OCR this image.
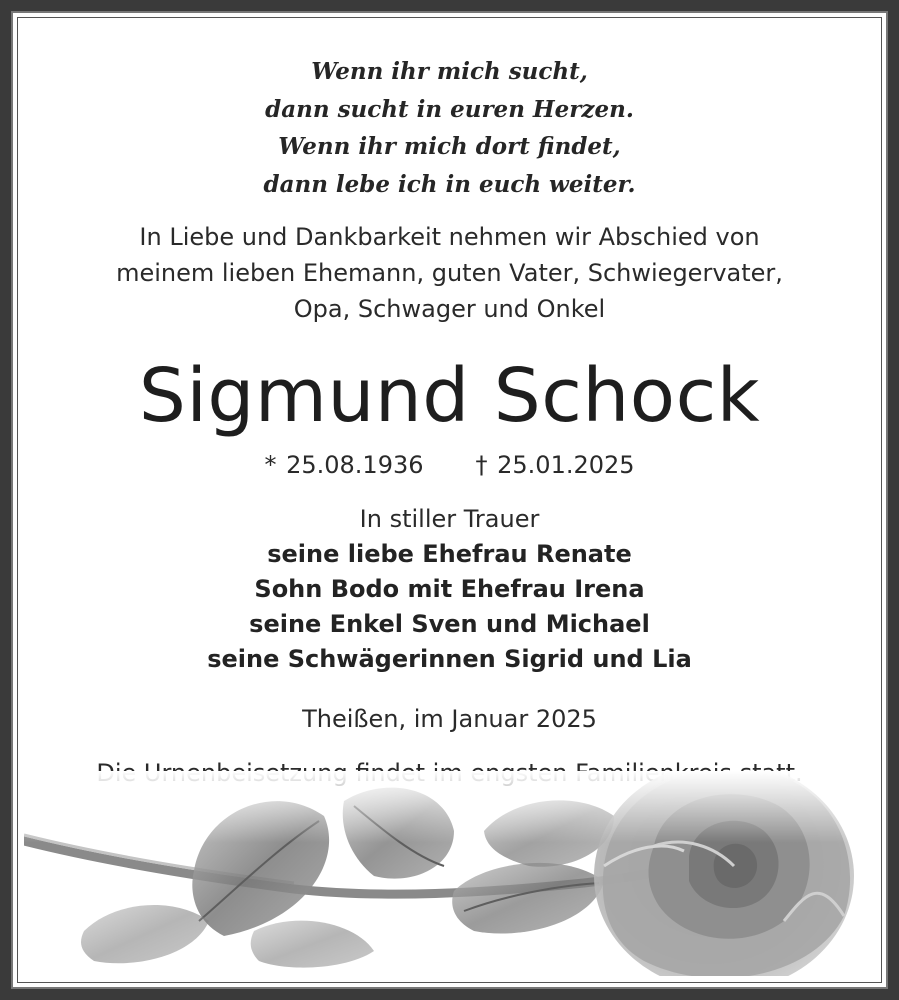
Wenn ihr mich sucht,
dann sucht in euren Herzen.
Wenn ihr mich dort findet,
dann lebe ich in euch weiter.
In Liebe und Dankbarkeit nehmen wir Abschied von
meinem lieben Ehemann, guten Vater, Schwiegervater,
Opa, Schwager und Onkel
Sigmund Schock
* 25.08.1936 † 25.01.2025
In stiller Trauer
seine liebe Ehefrau Renate
Sohn Bodo mit Ehefrau Irena
seine Enkel Sven und Michael
seine Schwägerinnen Sigrid und Lia
Theißen, im Januar 2025
